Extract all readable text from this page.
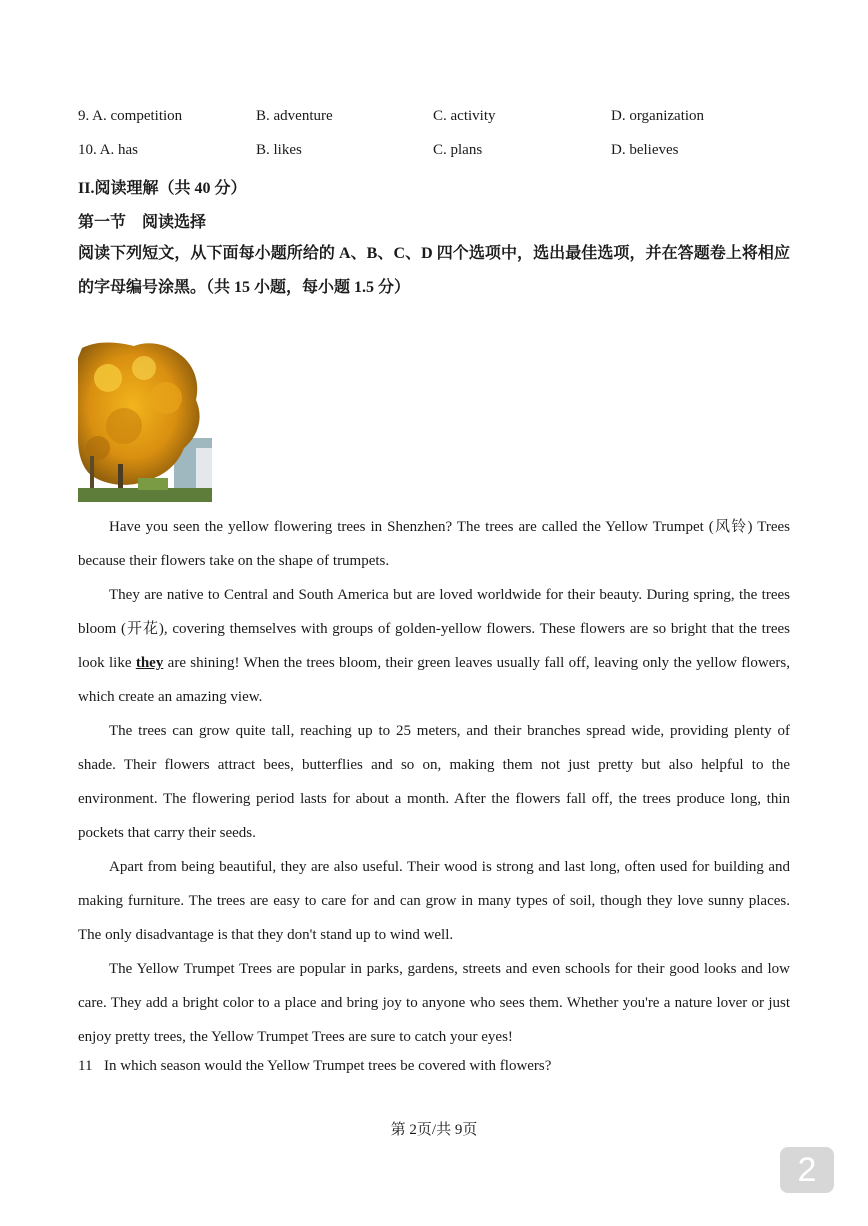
9. A. competition	B. adventure	C. activity	D. organization
10. A. has	B. likes	C. plans	D. believes
II.阅读理解（共 40 分）
第一节    阅读选择
阅读下列短文，从下面每小题所给的 A、B、C、D 四个选项中，选出最佳选项，并在答题卷上将相应的字母编号涂黑。（共 15 小题，每小题 1.5 分）

Have you seen the yellow flowering trees in Shenzhen? The trees are called the Yellow Trumpet (风铃) Trees because their flowers take on the shape of trumpets.

They are native to Central and South America but are loved worldwide for their beauty. During spring, the trees bloom (开花), covering themselves with groups of golden-yellow flowers. These flowers are so bright that the trees look like they are shining! When the trees bloom, their green leaves usually fall off, leaving only the yellow flowers, which create an amazing view.

The trees can grow quite tall, reaching up to 25 meters, and their branches spread wide, providing plenty of shade. Their flowers attract bees, butterflies and so on, making them not just pretty but also helpful to the environment. The flowering period lasts for about a month. After the flowers fall off, the trees produce long, thin pockets that carry their seeds.

Apart from being beautiful, they are also useful. Their wood is strong and last long, often used for building and making furniture. The trees are easy to care for and can grow in many types of soil, though they love sunny places. The only disadvantage is that they don't stand up to wind well.

The Yellow Trumpet Trees are popular in parks, gardens, streets and even schools for their good looks and low care. They add a bright color to a place and bring joy to anyone who sees them. Whether you're a nature lover or just enjoy pretty trees, the Yellow Trumpet Trees are sure to catch your eyes!

11 In which season would the Yellow Trumpet trees be covered with flowers?
第 2页/共 9页
2
